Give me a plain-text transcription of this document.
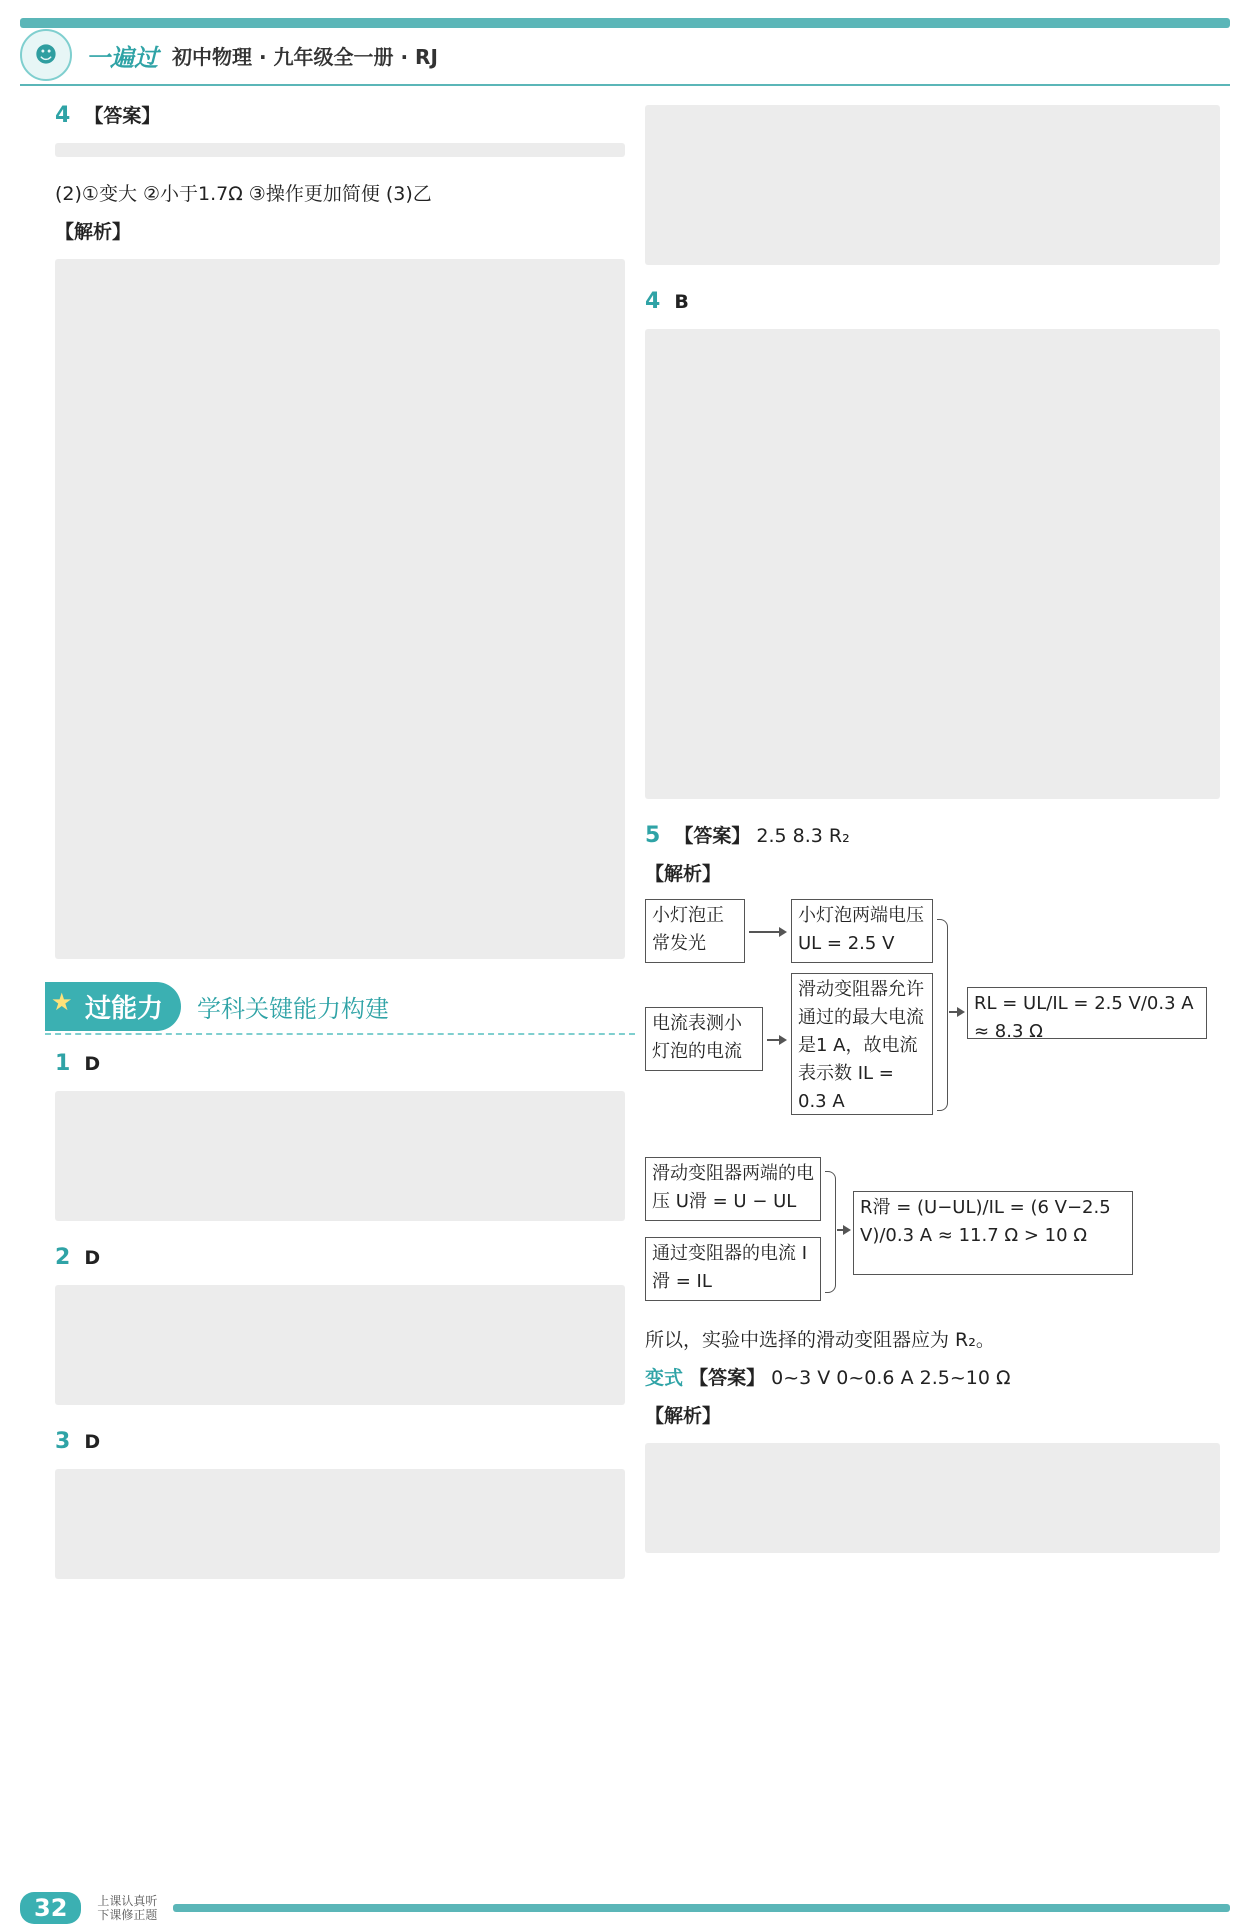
☻	一遍过 初中物理 · 九年级全一册 · RJ
4 【答案】
(2)①变大 ②小于1.7Ω ③操作更加简便 (3)乙
【解析】
★ 过能力	学科关键能力构建
1 D
2 D
3 D
4 B
5 【答案】 2.5 8.3 R₂
【解析】
小灯泡正常发光
小灯泡两端电压 UL = 2.5 V
电流表测小灯泡的电流
滑动变阻器允许通过的最大电流是1 A，故电流表示数 IL = 0.3 A
RL = UL/IL = 2.5 V/0.3 A ≈ 8.3 Ω
滑动变阻器两端的电压 U滑 = U − UL
通过变阻器的电流 I滑 = IL
R滑 = (U−UL)/IL = (6 V−2.5 V)/0.3 A ≈ 11.7 Ω > 10 Ω
所以，实验中选择的滑动变阻器应为 R₂。
变式 【答案】 0~3 V 0~0.6 A 2.5~10 Ω
【解析】
32	上课认真听
下课修正题
